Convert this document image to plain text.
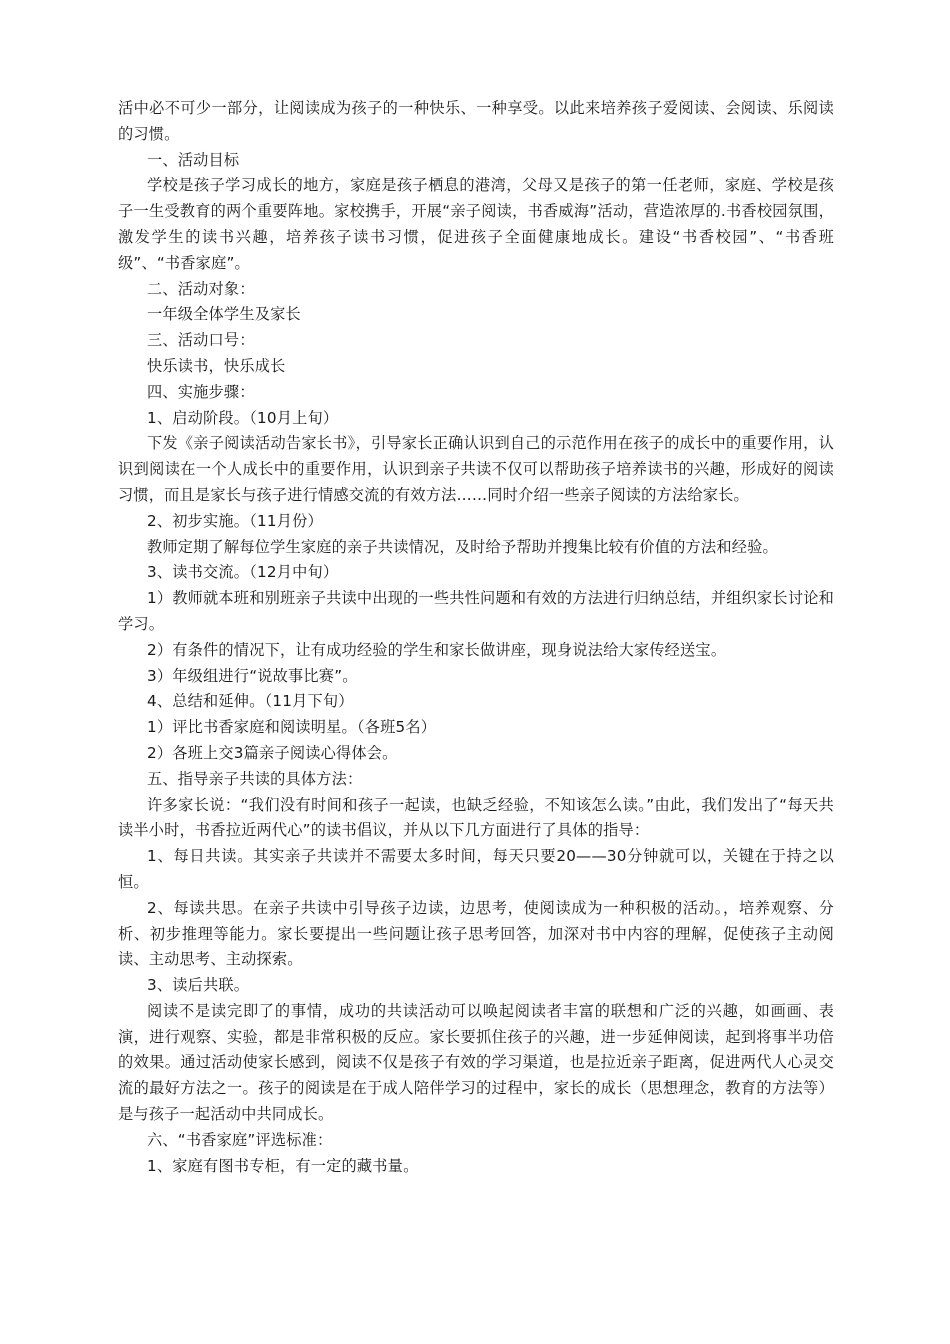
活中必不可少一部分，让阅读成为孩子的一种快乐、一种享受。以此来培养孩子爱阅读、会阅读、乐阅读的习惯。

一、活动目标

学校是孩子学习成长的地方，家庭是孩子栖息的港湾，父母又是孩子的第一任老师，家庭、学校是孩子一生受教育的两个重要阵地。家校携手，开展“亲子阅读，书香威海”活动，营造浓厚的.书香校园氛围，激发学生的读书兴趣，培养孩子读书习惯，促进孩子全面健康地成长。建设“书香校园”、“书香班级”、“书香家庭”。

二、活动对象：

一年级全体学生及家长

三、活动口号：

快乐读书，快乐成长

四、实施步骤：

1、启动阶段。（10月上旬）

下发《亲子阅读活动告家长书》，引导家长正确认识到自己的示范作用在孩子的成长中的重要作用，认识到阅读在一个人成长中的重要作用，认识到亲子共读不仅可以帮助孩子培养读书的兴趣，形成好的阅读习惯，而且是家长与孩子进行情感交流的有效方法……同时介绍一些亲子阅读的方法给家长。

2、初步实施。（11月份）

教师定期了解每位学生家庭的亲子共读情况，及时给予帮助并搜集比较有价值的方法和经验。

3、读书交流。（12月中旬）

1）教师就本班和别班亲子共读中出现的一些共性问题和有效的方法进行归纳总结，并组织家长讨论和学习。

2）有条件的情况下，让有成功经验的学生和家长做讲座，现身说法给大家传经送宝。

3）年级组进行“说故事比赛”。

4、总结和延伸。（11月下旬）

1）评比书香家庭和阅读明星。（各班5名）

2）各班上交3篇亲子阅读心得体会。

五、指导亲子共读的具体方法：

许多家长说：“我们没有时间和孩子一起读，也缺乏经验，不知该怎么读。”由此，我们发出了“每天共读半小时，书香拉近两代心”的读书倡议，并从以下几方面进行了具体的指导：

1、每日共读。其实亲子共读并不需要太多时间，每天只要20——30分钟就可以，关键在于持之以恒。

2、每读共思。在亲子共读中引导孩子边读，边思考，使阅读成为一种积极的活动。，培养观察、分析、初步推理等能力。家长要提出一些问题让孩子思考回答，加深对书中内容的理解，促使孩子主动阅读、主动思考、主动探索。

3、读后共联。

阅读不是读完即了的事情，成功的共读活动可以唤起阅读者丰富的联想和广泛的兴趣，如画画、表演，进行观察、实验，都是非常积极的反应。家长要抓住孩子的兴趣，进一步延伸阅读，起到将事半功倍的效果。通过活动使家长感到，阅读不仅是孩子有效的学习渠道，也是拉近亲子距离，促进两代人心灵交流的最好方法之一。孩子的阅读是在于成人陪伴学习的过程中，家长的成长（思想理念，教育的方法等）是与孩子一起活动中共同成长。

六、“书香家庭”评选标准：

1、家庭有图书专柜，有一定的藏书量。
